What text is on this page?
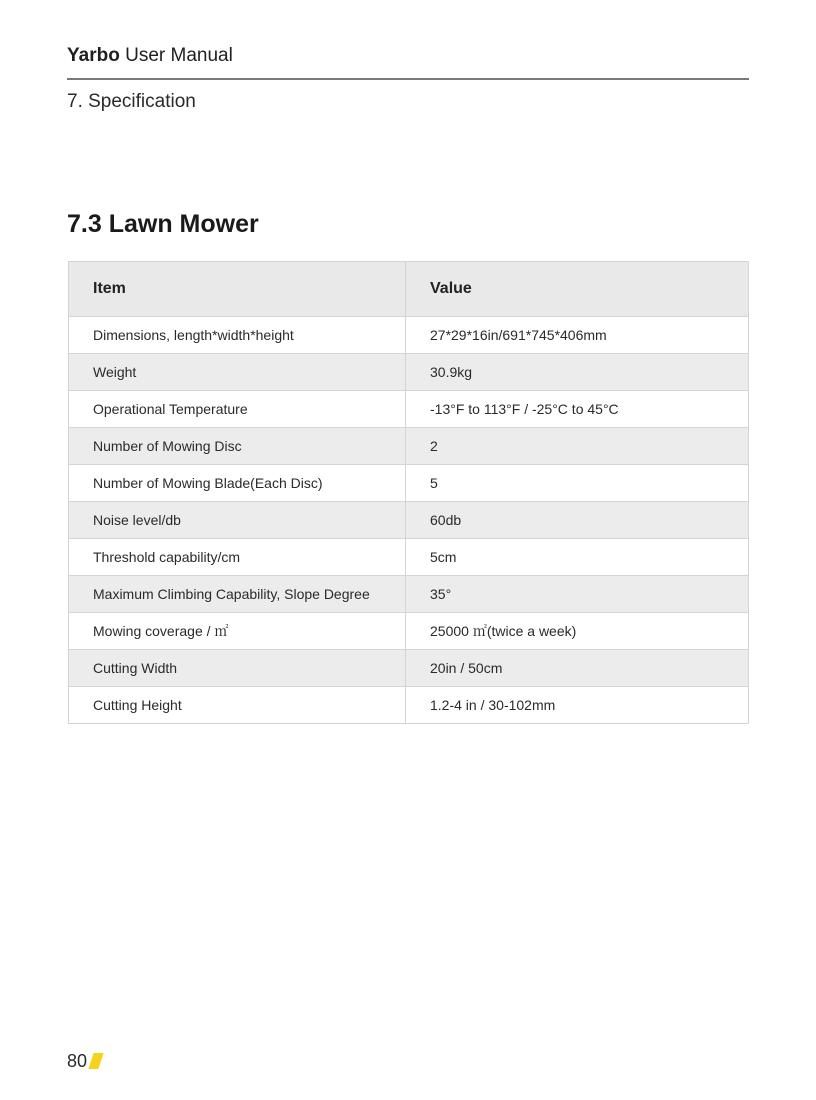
Yarbo User Manual
7. Specification
7.3 Lawn Mower
Item	Value
Dimensions, length*width*height	27*29*16in/691*745*406mm
Weight	30.9kg
Operational Temperature	-13°F to 113°F / -25°C to 45°C
Number of Mowing Disc	2
Number of Mowing Blade(Each Disc)	5
Noise level/db	60db
Threshold capability/cm	5cm
Maximum Climbing Capability, Slope Degree	35°
Mowing coverage / ㎡	25000 ㎡(twice a week)
Cutting Width	20in / 50cm
Cutting Height	1.2-4 in / 30-102mm
80
